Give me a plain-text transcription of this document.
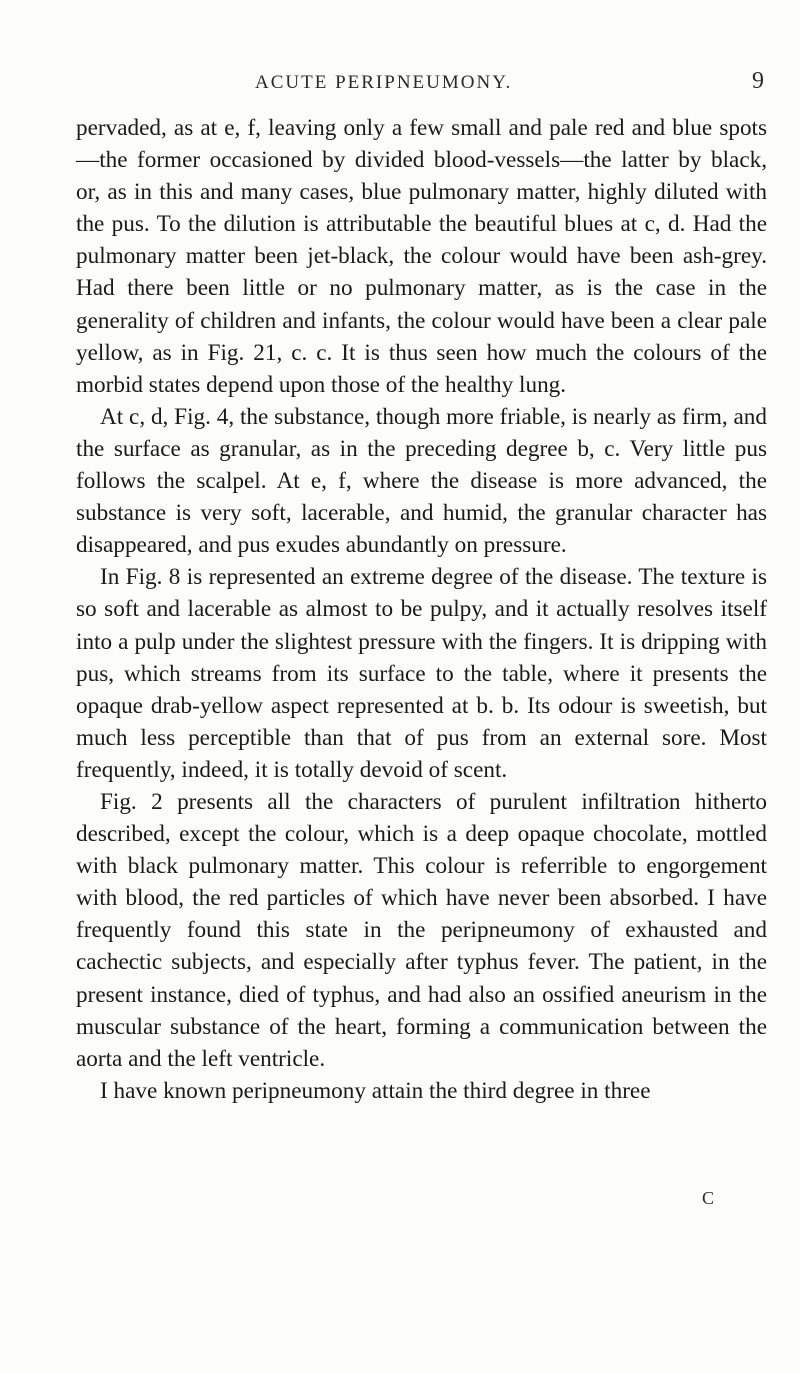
ACUTE PERIPNEUMONY.	9

pervaded, as at e, f, leaving only a few small and pale red and blue spots—the former occasioned by divided blood-vessels—the latter by black, or, as in this and many cases, blue pulmonary matter, highly diluted with the pus. To the dilution is attributable the beautiful blues at c, d. Had the pulmonary matter been jet-black, the colour would have been ash-grey. Had there been little or no pulmonary matter, as is the case in the generality of children and infants, the colour would have been a clear pale yellow, as in Fig. 21, c. c. It is thus seen how much the colours of the morbid states depend upon those of the healthy lung.

At c, d, Fig. 4, the substance, though more friable, is nearly as firm, and the surface as granular, as in the preceding degree b, c. Very little pus follows the scalpel. At e, f, where the disease is more advanced, the substance is very soft, lacerable, and humid, the granular character has disappeared, and pus exudes abundantly on pressure.

In Fig. 8 is represented an extreme degree of the disease. The texture is so soft and lacerable as almost to be pulpy, and it actually resolves itself into a pulp under the slightest pressure with the fingers. It is dripping with pus, which streams from its surface to the table, where it presents the opaque drab-yellow aspect represented at b. b. Its odour is sweetish, but much less perceptible than that of pus from an external sore. Most frequently, indeed, it is totally devoid of scent.

Fig. 2 presents all the characters of purulent infiltration hitherto described, except the colour, which is a deep opaque chocolate, mottled with black pulmonary matter. This colour is referrible to engorgement with blood, the red particles of which have never been absorbed. I have frequently found this state in the peripneumony of exhausted and cachectic subjects, and especially after typhus fever. The patient, in the present instance, died of typhus, and had also an ossified aneurism in the muscular substance of the heart, forming a communication between the aorta and the left ventricle.

I have known peripneumony attain the third degree in three

C
